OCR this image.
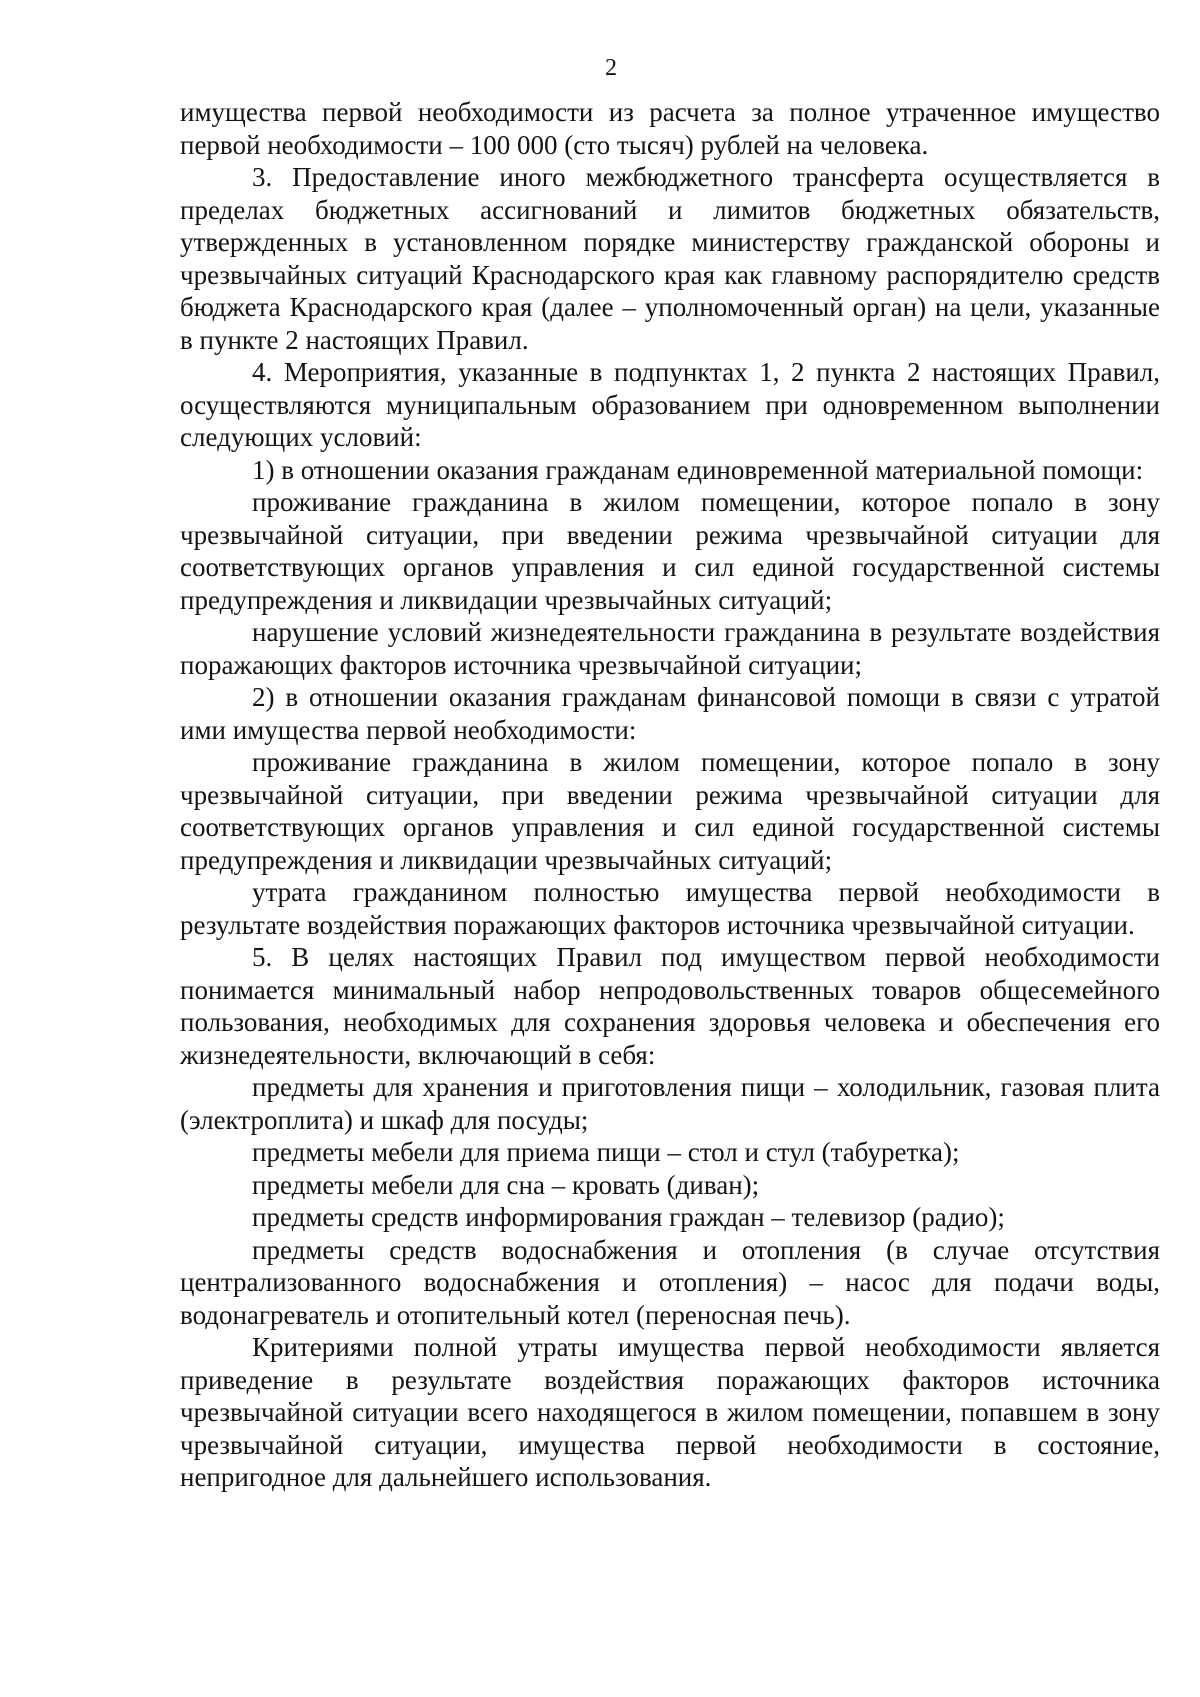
2

имущества первой необходимости из расчета за полное утраченное имущество первой необходимости – 100 000 (сто тысяч) рублей на человека.

3. Предоставление иного межбюджетного трансферта осуществляется в пределах бюджетных ассигнований и лимитов бюджетных обязательств, утвержденных в установленном порядке министерству гражданской обороны и чрезвычайных ситуаций Краснодарского края как главному распорядителю средств бюджета Краснодарского края (далее – уполномоченный орган) на цели, указанные в пункте 2 настоящих Правил.

4. Мероприятия, указанные в подпунктах 1, 2 пункта 2 настоящих Правил, осуществляются муниципальным образованием при одновременном выполнении следующих условий:

1) в отношении оказания гражданам единовременной материальной помощи:

проживание гражданина в жилом помещении, которое попало в зону чрезвычайной ситуации, при введении режима чрезвычайной ситуации для соответствующих органов управления и сил единой государственной системы предупреждения и ликвидации чрезвычайных ситуаций;

нарушение условий жизнедеятельности гражданина в результате воздействия поражающих факторов источника чрезвычайной ситуации;

2) в отношении оказания гражданам финансовой помощи в связи с утратой ими имущества первой необходимости:

проживание гражданина в жилом помещении, которое попало в зону чрезвычайной ситуации, при введении режима чрезвычайной ситуации для соответствующих органов управления и сил единой государственной системы предупреждения и ликвидации чрезвычайных ситуаций;

утрата гражданином полностью имущества первой необходимости в результате воздействия поражающих факторов источника чрезвычайной ситуации.

5. В целях настоящих Правил под имуществом первой необходимости понимается минимальный набор непродовольственных товаров общесемейного пользования, необходимых для сохранения здоровья человека и обеспечения его жизнедеятельности, включающий в себя:

предметы для хранения и приготовления пищи – холодильник, газовая плита (электроплита) и шкаф для посуды;

предметы мебели для приема пищи – стол и стул (табуретка);

предметы мебели для сна – кровать (диван);

предметы средств информирования граждан – телевизор (радио);

предметы средств водоснабжения и отопления (в случае отсутствия централизованного водоснабжения и отопления) – насос для подачи воды, водонагреватель и отопительный котел (переносная печь).

Критериями полной утраты имущества первой необходимости является приведение в результате воздействия поражающих факторов источника чрезвычайной ситуации всего находящегося в жилом помещении, попавшем в зону чрезвычайной ситуации, имущества первой необходимости в состояние, непригодное для дальнейшего использования.
